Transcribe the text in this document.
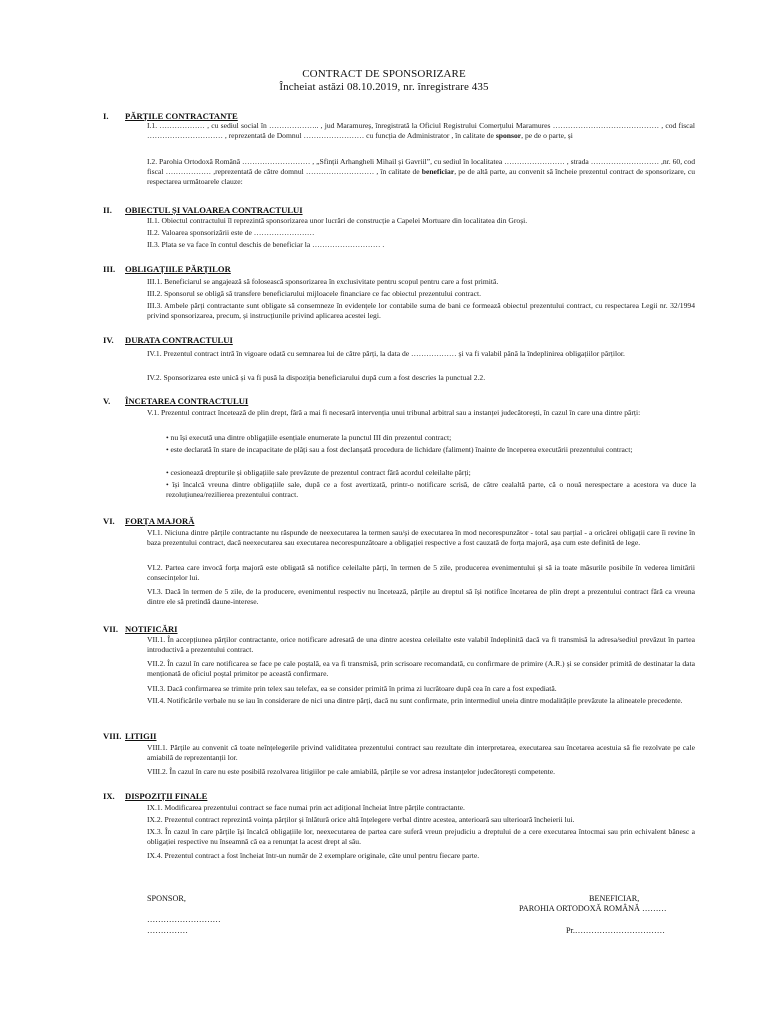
CONTRACT DE SPONSORIZARE
Încheiat astăzi 08.10.2019, nr. înregistrare 435
I. PĂRȚILE CONTRACTANTE
I.1. ……………… , cu sediul social în ……………….. , jud Maramureș, înregistrată la Oficiul Registrului Comerțului Maramures …………………………………… , cod fiscal ………………………… , reprezentată de Domnul …………………… cu funcția de Administrator , în calitate de sponsor, pe de o parte, și
I.2. Parohia Ortodoxă Română ……………………… , „Sfinții Arhangheli Mihail și Gavriil”, cu sediul în localitatea …………………… , strada ……………………… ,nr. 60, cod fiscal ……………… ,reprezentată de către domnul ……………………… , în calitate de beneficiar, pe de altă parte, au convenit să încheie prezentul contract de sponsorizare, cu respectarea următoarele clauze:
II. OBIECTUL ȘI VALOAREA CONTRACTULUI
II.1. Obiectul contractului îl reprezintă sponsorizarea unor lucrări de construcție a Capelei Mortuare din localitatea din Groși.
II.2. Valoarea sponsorizării este de ……………………
II.3. Plata se va face în contul deschis de beneficiar la ……………………… .
III. OBLIGAȚIILE PĂRȚILOR
III.1. Beneficiarul se angajează să folosească sponsorizarea în exclusivitate pentru scopul pentru care a fost primită.
III.2. Sponsorul se obligă să transfere beneficiarului mijloacele financiare ce fac obiectul prezentului contract.
III.3. Ambele părți contractante sunt obligate să consemneze în evidențele lor contabile suma de bani ce formează obiectul prezentului contract, cu respectarea Legii nr. 32/1994 privind sponsorizarea, precum, și instrucțiunile privind aplicarea acestei legi.
IV. DURATA CONTRACTULUI
IV.1. Prezentul contract intră în vigoare odată cu semnarea lui de către părți, la data de ……………… și va fi valabil până la îndeplinirea obligațiilor părților.
IV.2. Sponsorizarea este unică și va fi pusă la dispoziția beneficiarului după cum a fost descries la punctual 2.2.
V. ÎNCETAREA CONTRACTULUI
V.1. Prezentul contract încetează de plin drept, fără a mai fi necesară intervenția unui tribunal arbitral sau a instanței judecătorești, în cazul în care una dintre părți:
• nu își execută una dintre obligațiile esențiale enumerate la punctul III din prezentul contract;
• este declarată în stare de incapacitate de plăți sau a fost declanșată procedura de lichidare (faliment) înainte de începerea executării prezentului contract;
• cesionează drepturile și obligațiile sale prevăzute de prezentul contract fără acordul celeilalte părți;
• își încalcă vreuna dintre obligațiile sale, după ce a fost avertizată, printr-o notificare scrisă, de către cealaltă parte, că o nouă nerespectare a acestora va duce la rezoluțiunea/rezilierea prezentului contract.
VI. FORȚA MAJORĂ
VI.1. Niciuna dintre părțile contractante nu răspunde de neexecutarea la termen sau/și de executarea în mod necorespunzător - total sau parțial - a oricărei obligații care îi revine în baza prezentului contract, dacă neexecutarea sau executarea necorespunzătoare a obligației respective a fost cauzată de forța majoră, așa cum este definită de lege.
VI.2. Partea care invocă forța majoră este obligată să notifice celeilalte părți, în termen de 5 zile, producerea evenimentului și să ia toate măsurile posibile în vederea limitării consecințelor lui.
VI.3. Dacă în termen de 5 zile, de la producere, evenimentul respectiv nu încetează, părțile au dreptul să își notifice încetarea de plin drept a prezentului contract fără ca vreuna dintre ele să pretindă daune-interese.
VII. NOTIFICĂRI
VII.1. În accepțiunea părților contractante, orice notificare adresată de una dintre acestea celeilalte este valabil îndeplinită dacă va fi transmisă la adresa/sediul prevăzut în partea introductivă a prezentului contract.
VII.2. În cazul în care notificarea se face pe cale poștală, ea va fi transmisă, prin scrisoare recomandată, cu confirmare de primire (A.R.) și se consider primită de destinatar la data menționată de oficiul poștal primitor pe această confirmare.
VII.3. Dacă confirmarea se trimite prin telex sau telefax, ea se consider primită în prima zi lucrătoare după cea în care a fost expediată.
VII.4. Notificările verbale nu se iau în considerare de nici una dintre părți, dacă nu sunt confirmate, prin intermediul uneia dintre modalitățile prevăzute la alineatele precedente.
VIII. LITIGII
VIII.1. Părțile au convenit că toate neînțelegerile privind validitatea prezentului contract sau rezultate din interpretarea, executarea sau încetarea acestuia să fie rezolvate pe cale amiabilă de reprezentanții lor.
VIII.2. În cazul în care nu este posibilă rezolvarea litigiilor pe cale amiabilă, părțile se vor adresa instanțelor judecătorești competente.
IX. DISPOZIȚII FINALE
IX.1. Modificarea prezentului contract se face numai prin act adițional încheiat între părțile contractante.
IX.2. Prezentul contract reprezintă voința părților și înlătură orice altă înțelegere verbal dintre acestea, anterioară sau ulterioară încheierii lui.
IX.3. În cazul în care părțile își încalcă obligațiile lor, neexecutarea de partea care suferă vreun prejudiciu a dreptului de a cere executarea întocmai sau prin echivalent bănesc a obligației respective nu înseamnă că ea a renunțat la acest drept al său.
IX.4. Prezentul contract a fost încheiat într-un număr de 2 exemplare originale, câte unul pentru fiecare parte.
SPONSOR,
………………………
……………
BENEFICIAR,
PAROHIA ORTODOXĂ ROMÂNĂ ………
Pr.……………………………
